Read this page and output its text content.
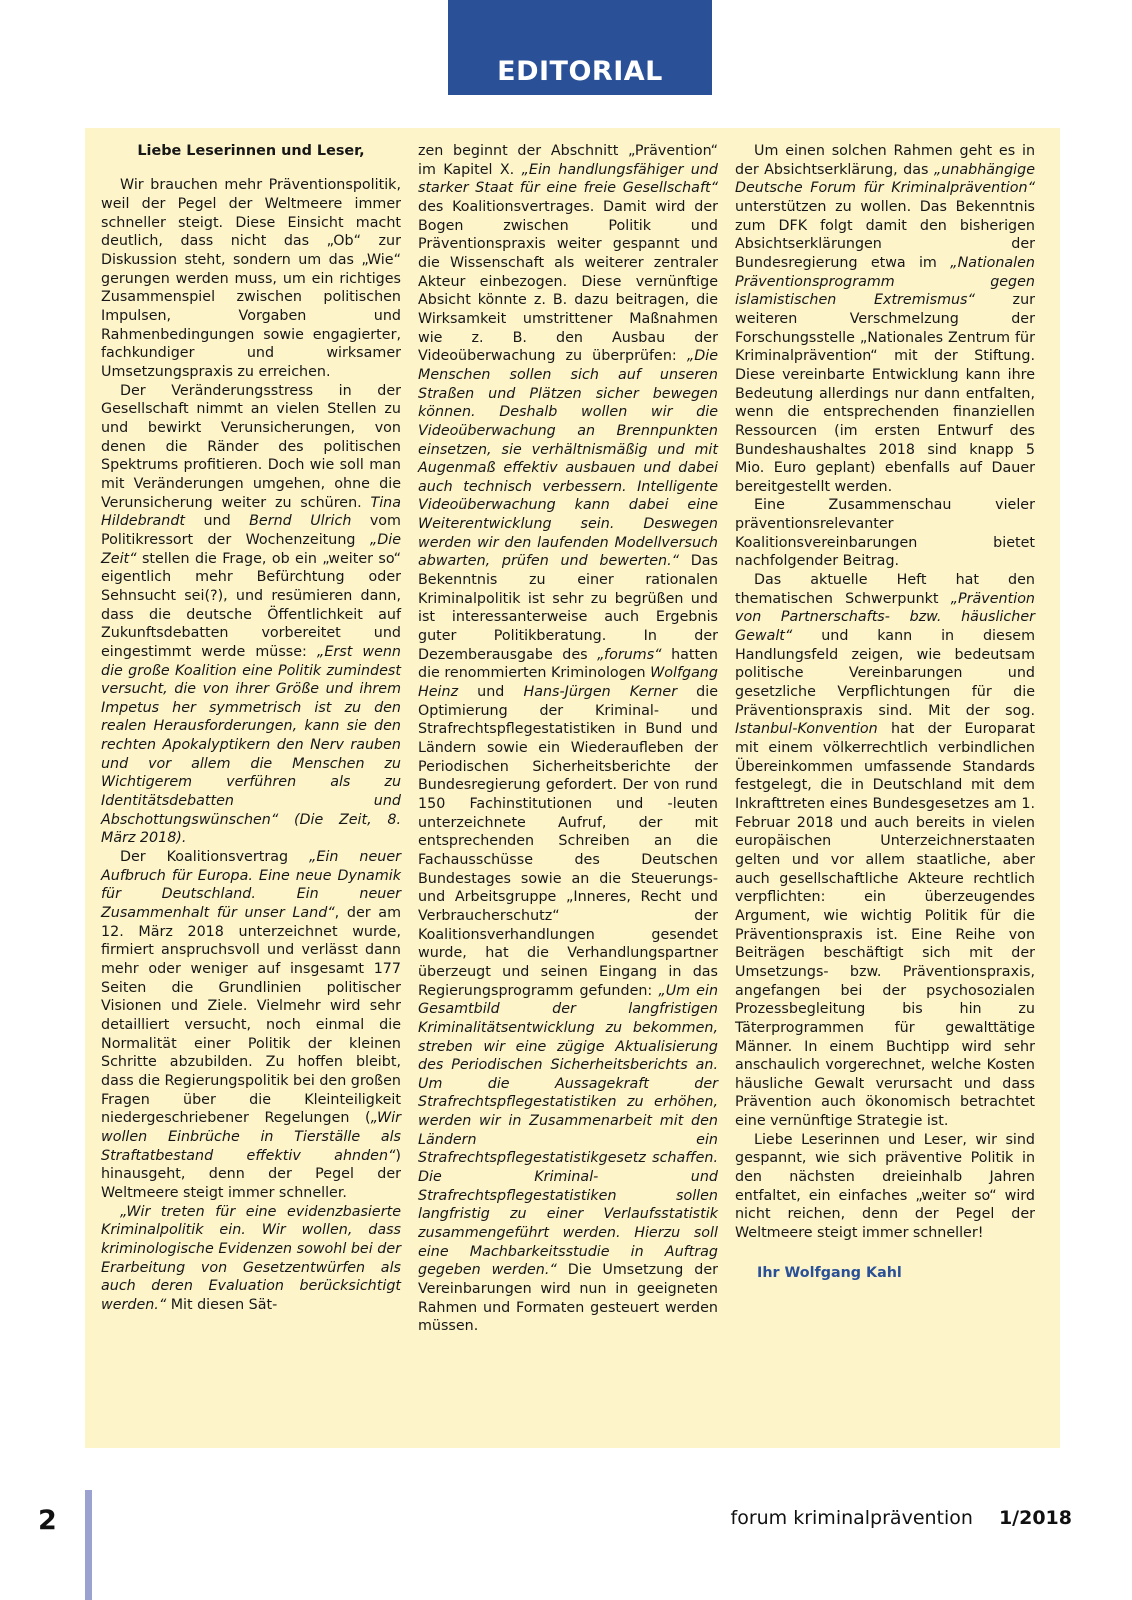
EDITORIAL
Liebe Leserinnen und Leser,

Wir brauchen mehr Präventionspolitik, weil der Pegel der Weltmeere immer schneller steigt. Diese Einsicht macht deutlich, dass nicht das „Ob“ zur Diskussion steht, sondern um das „Wie“ gerungen werden muss, um ein richtiges Zusammenspiel zwischen politischen Impulsen, Vorgaben und Rahmenbedingungen sowie engagierter, fachkundiger und wirksamer Umsetzungspraxis zu erreichen.

Der Veränderungsstress in der Gesellschaft nimmt an vielen Stellen zu und bewirkt Verunsicherungen, von denen die Ränder des politischen Spektrums profitieren. Doch wie soll man mit Veränderungen umgehen, ohne die Verunsicherung weiter zu schüren. Tina Hildebrandt und Bernd Ulrich vom Politikressort der Wochenzeitung „Die Zeit“ stellen die Frage, ob ein „weiter so“ eigentlich mehr Befürchtung oder Sehnsucht sei(?), und resümieren dann, dass die deutsche Öffentlichkeit auf Zukunftsdebatten vorbereitet und eingestimmt werde müsse: „Erst wenn die große Koalition eine Politik zumindest versucht, die von ihrer Größe und ihrem Impetus her symmetrisch ist zu den realen Herausforderungen, kann sie den rechten Apokalyptikern den Nerv rauben und vor allem die Menschen zu Wichtigerem verführen als zu Identitätsdebatten und Abschottungswünschen“ (Die Zeit, 8. März 2018).

Der Koalitionsvertrag „Ein neuer Aufbruch für Europa. Eine neue Dynamik für Deutschland. Ein neuer Zusammenhalt für unser Land“, der am 12. März 2018 unterzeichnet wurde, firmiert anspruchsvoll und verlässt dann mehr oder weniger auf insgesamt 177 Seiten die Grundlinien politischer Visionen und Ziele. Vielmehr wird sehr detailliert versucht, noch einmal die Normalität einer Politik der kleinen Schritte abzubilden. Zu hoffen bleibt, dass die Regierungspolitik bei den großen Fragen über die Kleinteiligkeit niedergeschriebener Regelungen („Wir wollen Einbrüche in Tierställe als Straftatbestand effektiv ahnden“) hinausgeht, denn der Pegel der Weltmeere steigt immer schneller.

„Wir treten für eine evidenzbasierte Kriminalpolitik ein. Wir wollen, dass kriminologische Evidenzen sowohl bei der Erarbeitung von Gesetzentwürfen als auch deren Evaluation berücksichtigt werden.“ Mit diesen Sät-

zen beginnt der Abschnitt „Prävention“ im Kapitel X. „Ein handlungsfähiger und starker Staat für eine freie Gesellschaft“ des Koalitionsvertrages. Damit wird der Bogen zwischen Politik und Präventionspraxis weiter gespannt und die Wissenschaft als weiterer zentraler Akteur einbezogen. Diese vernünftige Absicht könnte z. B. dazu beitragen, die Wirksamkeit umstrittener Maßnahmen wie z. B. den Ausbau der Videoüberwachung zu überprüfen: „Die Menschen sollen sich auf unseren Straßen und Plätzen sicher bewegen können. Deshalb wollen wir die Videoüberwachung an Brennpunkten einsetzen, sie verhältnismäßig und mit Augenmaß effektiv ausbauen und dabei auch technisch verbessern. Intelligente Videoüberwachung kann dabei eine Weiterentwicklung sein. Deswegen werden wir den laufenden Modellversuch abwarten, prüfen und bewerten.“ Das Bekenntnis zu einer rationalen Kriminalpolitik ist sehr zu begrüßen und ist interessanterweise auch Ergebnis guter Politikberatung. In der Dezemberausgabe des „forums“ hatten die renommierten Kriminologen Wolfgang Heinz und Hans-Jürgen Kerner die Optimierung der Kriminal- und Strafrechtspflegestatistiken in Bund und Ländern sowie ein Wiederaufleben der Periodischen Sicherheitsberichte der Bundesregierung gefordert. Der von rund 150 Fachinstitutionen und -leuten unterzeichnete Aufruf, der mit entsprechenden Schreiben an die Fachausschüsse des Deutschen Bundestages sowie an die Steuerungs- und Arbeitsgruppe „Inneres, Recht und Verbraucherschutz“ der Koalitionsverhandlungen gesendet wurde, hat die Verhandlungspartner überzeugt und seinen Eingang in das Regierungsprogramm gefunden: „Um ein Gesamtbild der langfristigen Kriminalitätsentwicklung zu bekommen, streben wir eine zügige Aktualisierung des Periodischen Sicherheitsberichts an. Um die Aussagekraft der Strafrechtspflegestatistiken zu erhöhen, werden wir in Zusammenarbeit mit den Ländern ein Strafrechtspflegestatistikgesetz schaffen. Die Kriminal- und Strafrechtspflegestatistiken sollen langfristig zu einer Verlaufsstatistik zusammengeführt werden. Hierzu soll eine Machbarkeitsstudie in Auftrag gegeben werden.“ Die Umsetzung der Vereinbarungen wird nun in geeigneten Rahmen und Formaten gesteuert werden müssen.

Um einen solchen Rahmen geht es in der Absichtserklärung, das „unabhängige Deutsche Forum für Kriminalprävention“ unterstützen zu wollen. Das Bekenntnis zum DFK folgt damit den bisherigen Absichtserklärungen der Bundesregierung etwa im „Nationalen Präventionsprogramm gegen islamistischen Extremismus“ zur weiteren Verschmelzung der Forschungsstelle „Nationales Zentrum für Kriminalprävention“ mit der Stiftung. Diese vereinbarte Entwicklung kann ihre Bedeutung allerdings nur dann entfalten, wenn die entsprechenden finanziellen Ressourcen (im ersten Entwurf des Bundeshaushaltes 2018 sind knapp 5 Mio. Euro geplant) ebenfalls auf Dauer bereitgestellt werden.

Eine Zusammenschau vieler präventionsrelevanter Koalitionsvereinbarungen bietet nachfolgender Beitrag.

Das aktuelle Heft hat den thematischen Schwerpunkt „Prävention von Partnerschafts- bzw. häuslicher Gewalt“ und kann in diesem Handlungsfeld zeigen, wie bedeutsam politische Vereinbarungen und gesetzliche Verpflichtungen für die Präventionspraxis sind. Mit der sog. Istanbul-Konvention hat der Europarat mit einem völkerrechtlich verbindlichen Übereinkommen umfassende Standards festgelegt, die in Deutschland mit dem Inkrafttreten eines Bundesgesetzes am 1. Februar 2018 und auch bereits in vielen europäischen Unterzeichnerstaaten gelten und vor allem staatliche, aber auch gesellschaftliche Akteure rechtlich verpflichten: ein überzeugendes Argument, wie wichtig Politik für die Präventionspraxis ist. Eine Reihe von Beiträgen beschäftigt sich mit der Umsetzungs- bzw. Präventionspraxis, angefangen bei der psychosozialen Prozessbegleitung bis hin zu Täterprogrammen für gewalttätige Männer. In einem Buchtipp wird sehr anschaulich vorgerechnet, welche Kosten häusliche Gewalt verursacht und dass Prävention auch ökonomisch betrachtet eine vernünftige Strategie ist.

Liebe Leserinnen und Leser, wir sind gespannt, wie sich präventive Politik in den nächsten dreieinhalb Jahren entfaltet, ein einfaches „weiter so“ wird nicht reichen, denn der Pegel der Weltmeere steigt immer schneller!

Ihr Wolfgang Kahl
2	forum kriminalprävention 1/2018
